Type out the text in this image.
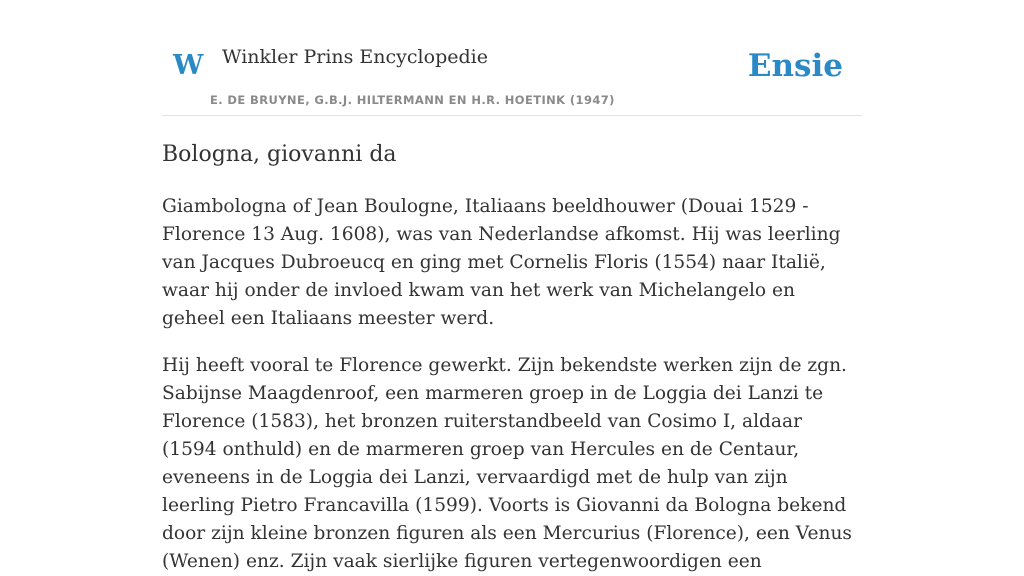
W Winkler Prins Encyclopedie
E. DE BRUYNE, G.B.J. HILTERMANN EN H.R. HOETINK (1947)
Ensie
Bologna, giovanni da

Giambologna of Jean Boulogne, Italiaans beeldhouwer (Douai 1529 - Florence 13 Aug. 1608), was van Nederlandse afkomst. Hij was leerling van Jacques Dubroeucq en ging met Cornelis Floris (1554) naar Italië, waar hij onder de invloed kwam van het werk van Michelangelo en geheel een Italiaans meester werd.

Hij heeft vooral te Florence gewerkt. Zijn bekendste werken zijn de zgn. Sabijnse Maagdenroof, een marmeren groep in de Loggia dei Lanzi te Florence (1583), het bronzen ruiterstandbeeld van Cosimo I, aldaar (1594 onthuld) en de marmeren groep van Hercules en de Centaur, eveneens in de Loggia dei Lanzi, vervaardigd met de hulp van zijn leerling Pietro Francavilla (1599). Voorts is Giovanni da Bologna bekend door zijn kleine bronzen figuren als een Mercurius (Florence), een Venus (Wenen) enz. Zijn vaak sierlijke figuren vertegenwoordigen een
